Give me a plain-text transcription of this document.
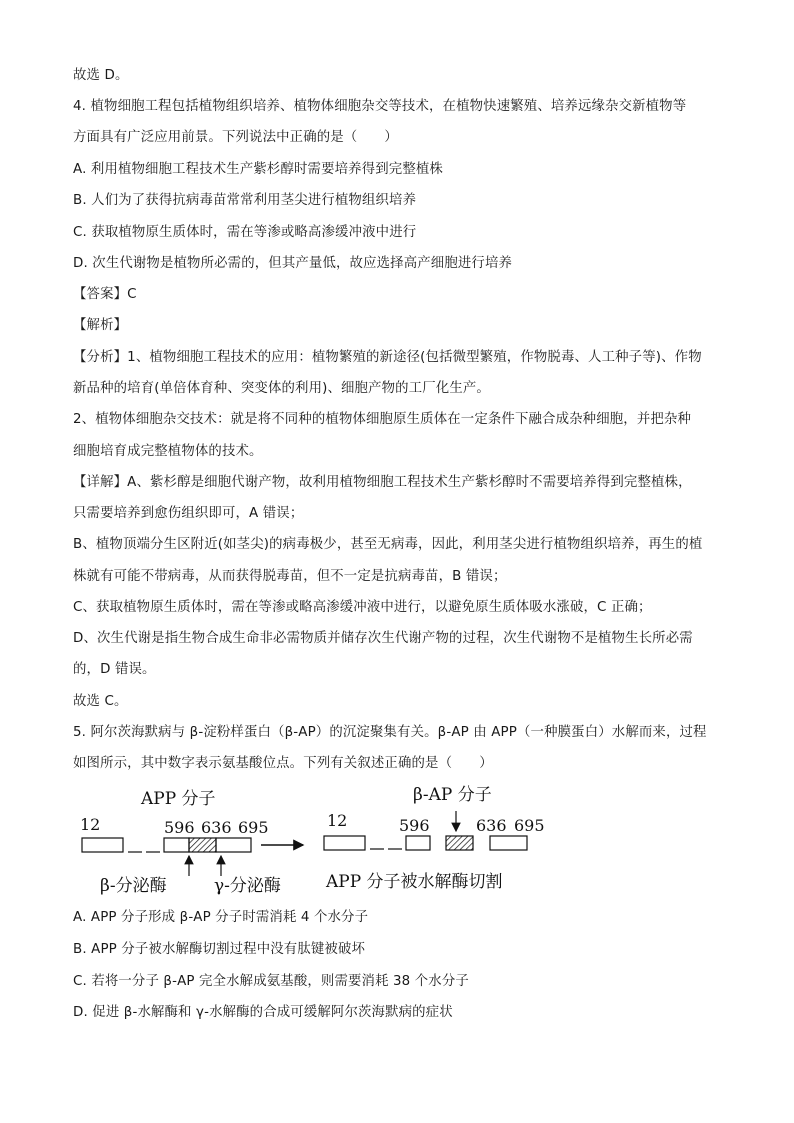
故选 D。
4. 植物细胞工程包括植物组织培养、植物体细胞杂交等技术，在植物快速繁殖、培养远缘杂交新植物等
方面具有广泛应用前景。下列说法中正确的是（　　）
A. 利用植物细胞工程技术生产紫杉醇时需要培养得到完整植株
B. 人们为了获得抗病毒苗常常利用茎尖进行植物组织培养
C. 获取植物原生质体时，需在等渗或略高渗缓冲液中进行
D. 次生代谢物是植物所必需的，但其产量低，故应选择高产细胞进行培养
【答案】C
【解析】
【分析】1、植物细胞工程技术的应用：植物繁殖的新途径(包括微型繁殖，作物脱毒、人工种子等)、作物
新品种的培育(单倍体育种、突变体的利用)、细胞产物的工厂化生产。
2、植物体细胞杂交技术：就是将不同种的植物体细胞原生质体在一定条件下融合成杂种细胞，并把杂种
细胞培育成完整植物体的技术。
【详解】A、紫杉醇是细胞代谢产物，故利用植物细胞工程技术生产紫杉醇时不需要培养得到完整植株，
只需要培养到愈伤组织即可，A 错误；
B、植物顶端分生区附近(如茎尖)的病毒极少，甚至无病毒，因此，利用茎尖进行植物组织培养，再生的植
株就有可能不带病毒，从而获得脱毒苗，但不一定是抗病毒苗，B 错误；
C、获取植物原生质体时，需在等渗或略高渗缓冲液中进行，以避免原生质体吸水涨破，C 正确；
D、次生代谢是指生物合成生命非必需物质并储存次生代谢产物的过程，次生代谢物不是植物生长所必需
的，D 错误。
故选 C。
5. 阿尔茨海默病与 β-淀粉样蛋白（β-AP）的沉淀聚集有关。β-AP 由 APP（一种膜蛋白）水解而来，过程
如图所示，其中数字表示氨基酸位点。下列有关叙述正确的是（　　）
APP 分子
12	596 636 695
β-分泌酶	γ-分泌酶
β-AP 分子
12	596	636 695
APP 分子被水解酶切割
A. APP 分子形成 β-AP 分子时需消耗 4 个水分子
B. APP 分子被水解酶切割过程中没有肽键被破坏
C. 若将一分子 β-AP 完全水解成氨基酸，则需要消耗 38 个水分子
D. 促进 β-水解酶和 γ-水解酶的合成可缓解阿尔茨海默病的症状
